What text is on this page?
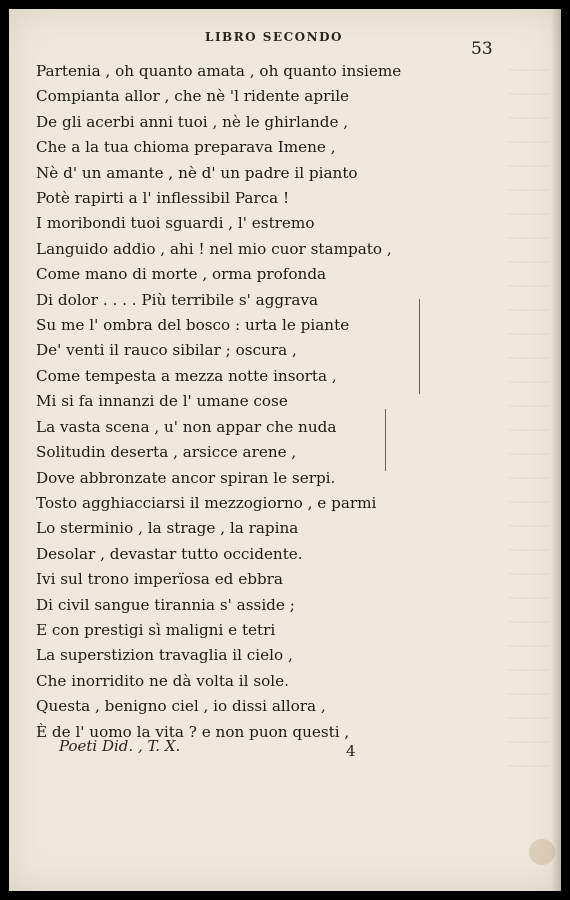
LIBRO SECONDO
53
Partenia , oh quanto amata , oh quanto insieme
Compianta allor , che nè 'l ridente aprile
De gli acerbi anni tuoi , nè le ghirlande ,
Che a la tua chioma preparava Imene ,
Nè d' un amante , nè d' un padre il pianto
Potè rapirti a l' inflessibil Parca !
I moribondi tuoi sguardi , l' estremo
Languido addio , ahi ! nel mio cuor stampato ,
Come mano di morte , orma profonda
Di dolor . . . . Più terribile s' aggrava
Su me l' ombra del bosco : urta le piante
De' venti il rauco sibilar ; oscura ,
Come tempesta a mezza notte insorta ,
Mi si fa innanzi de l' umane cose
La vasta scena , u' non appar che nuda
Solitudin deserta , arsicce arene ,
Dove abbronzate ancor spiran le serpi.
Tosto agghiacciarsi il mezzogiorno , e parmi
Lo sterminio , la strage , la rapina
Desolar , devastar tutto occidente.
Ivi sul trono imperïosa ed ebbra
Di civil sangue tirannia s' asside ;
E con prestigi sì maligni e tetri
La superstizion travaglia il cielo ,
Che inorridito ne dà volta il sole.
Questa , benigno ciel , io dissi allora ,
È de l' uomo la vita ? e non puon questi ,
Poeti Did. , T. X.	4
